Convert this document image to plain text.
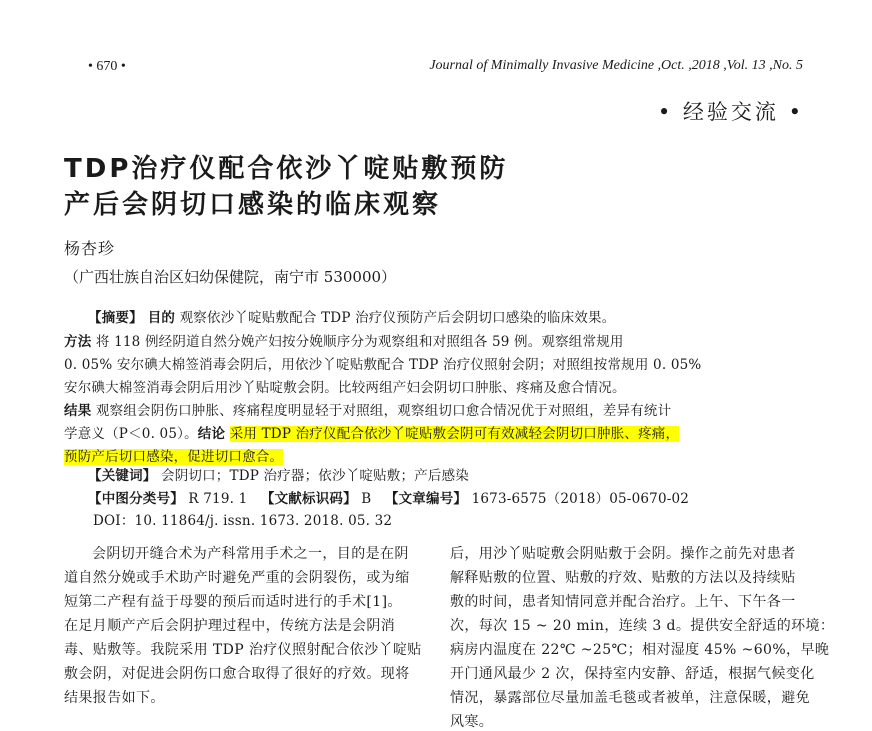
• 670 •	Journal of Minimally Invasive Medicine ,Oct. ,2018 ,Vol. 13 ,No. 5
• 经验交流 •
TDP治疗仪配合依沙丫啶贴敷预防
产后会阴切口感染的临床观察
杨杏珍
（广西壮族自治区妇幼保健院，南宁市 530000）
【摘要】 目的 观察依沙丫啶贴敷配合 TDP 治疗仪预防产后会阴切口感染的临床效果。
方法 将 118 例经阴道自然分娩产妇按分娩顺序分为观察组和对照组各 59 例。观察组常规用
0. 05% 安尔碘大棉签消毒会阴后，用依沙丫啶贴敷配合 TDP 治疗仪照射会阴；对照组按常规用 0. 05%
安尔碘大棉签消毒会阴后用沙丫贴啶敷会阴。比较两组产妇会阴切口肿胀、疼痛及愈合情况。
结果 观察组会阴伤口肿胀、疼痛程度明显轻于对照组，观察组切口愈合情况优于对照组，差异有统计
学意义（P＜0. 05）。结论 采用 TDP 治疗仪配合依沙丫啶贴敷会阴可有效减轻会阴切口肿胀、疼痛，
预防产后切口感染，促进切口愈合。
【关键词】 会阴切口；TDP 治疗器；依沙丫啶贴敷；产后感染
【中图分类号】 R 719. 1 【文献标识码】 B 【文章编号】 1673-6575（2018）05-0670-02
DOI：10. 11864/j. issn. 1673. 2018. 05. 32
会阴切开缝合术为产科常用手术之一，目的是在阴
道自然分娩或手术助产时避免严重的会阴裂伤，或为缩
短第二产程有益于母婴的预后而适时进行的手术[1]。
在足月顺产产后会阴护理过程中，传统方法是会阴消
毒、贴敷等。我院采用 TDP 治疗仪照射配合依沙丫啶贴
敷会阴，对促进会阴伤口愈合取得了很好的疗效。现将
结果报告如下。
后，用沙丫贴啶敷会阴贴敷于会阴。操作之前先对患者
解释贴敷的位置、贴敷的疗效、贴敷的方法以及持续贴
敷的时间，患者知情同意并配合治疗。上午、下午各一
次，每次 15 ~ 20 min，连续 3 d。提供安全舒适的环境：
病房内温度在 22℃ ~25℃；相对湿度 45% ~60%，早晚
开门通风最少 2 次，保持室内安静、舒适，根据气候变化
情况，暴露部位尽量加盖毛毯或者被单，注意保暖，避免
风寒。
